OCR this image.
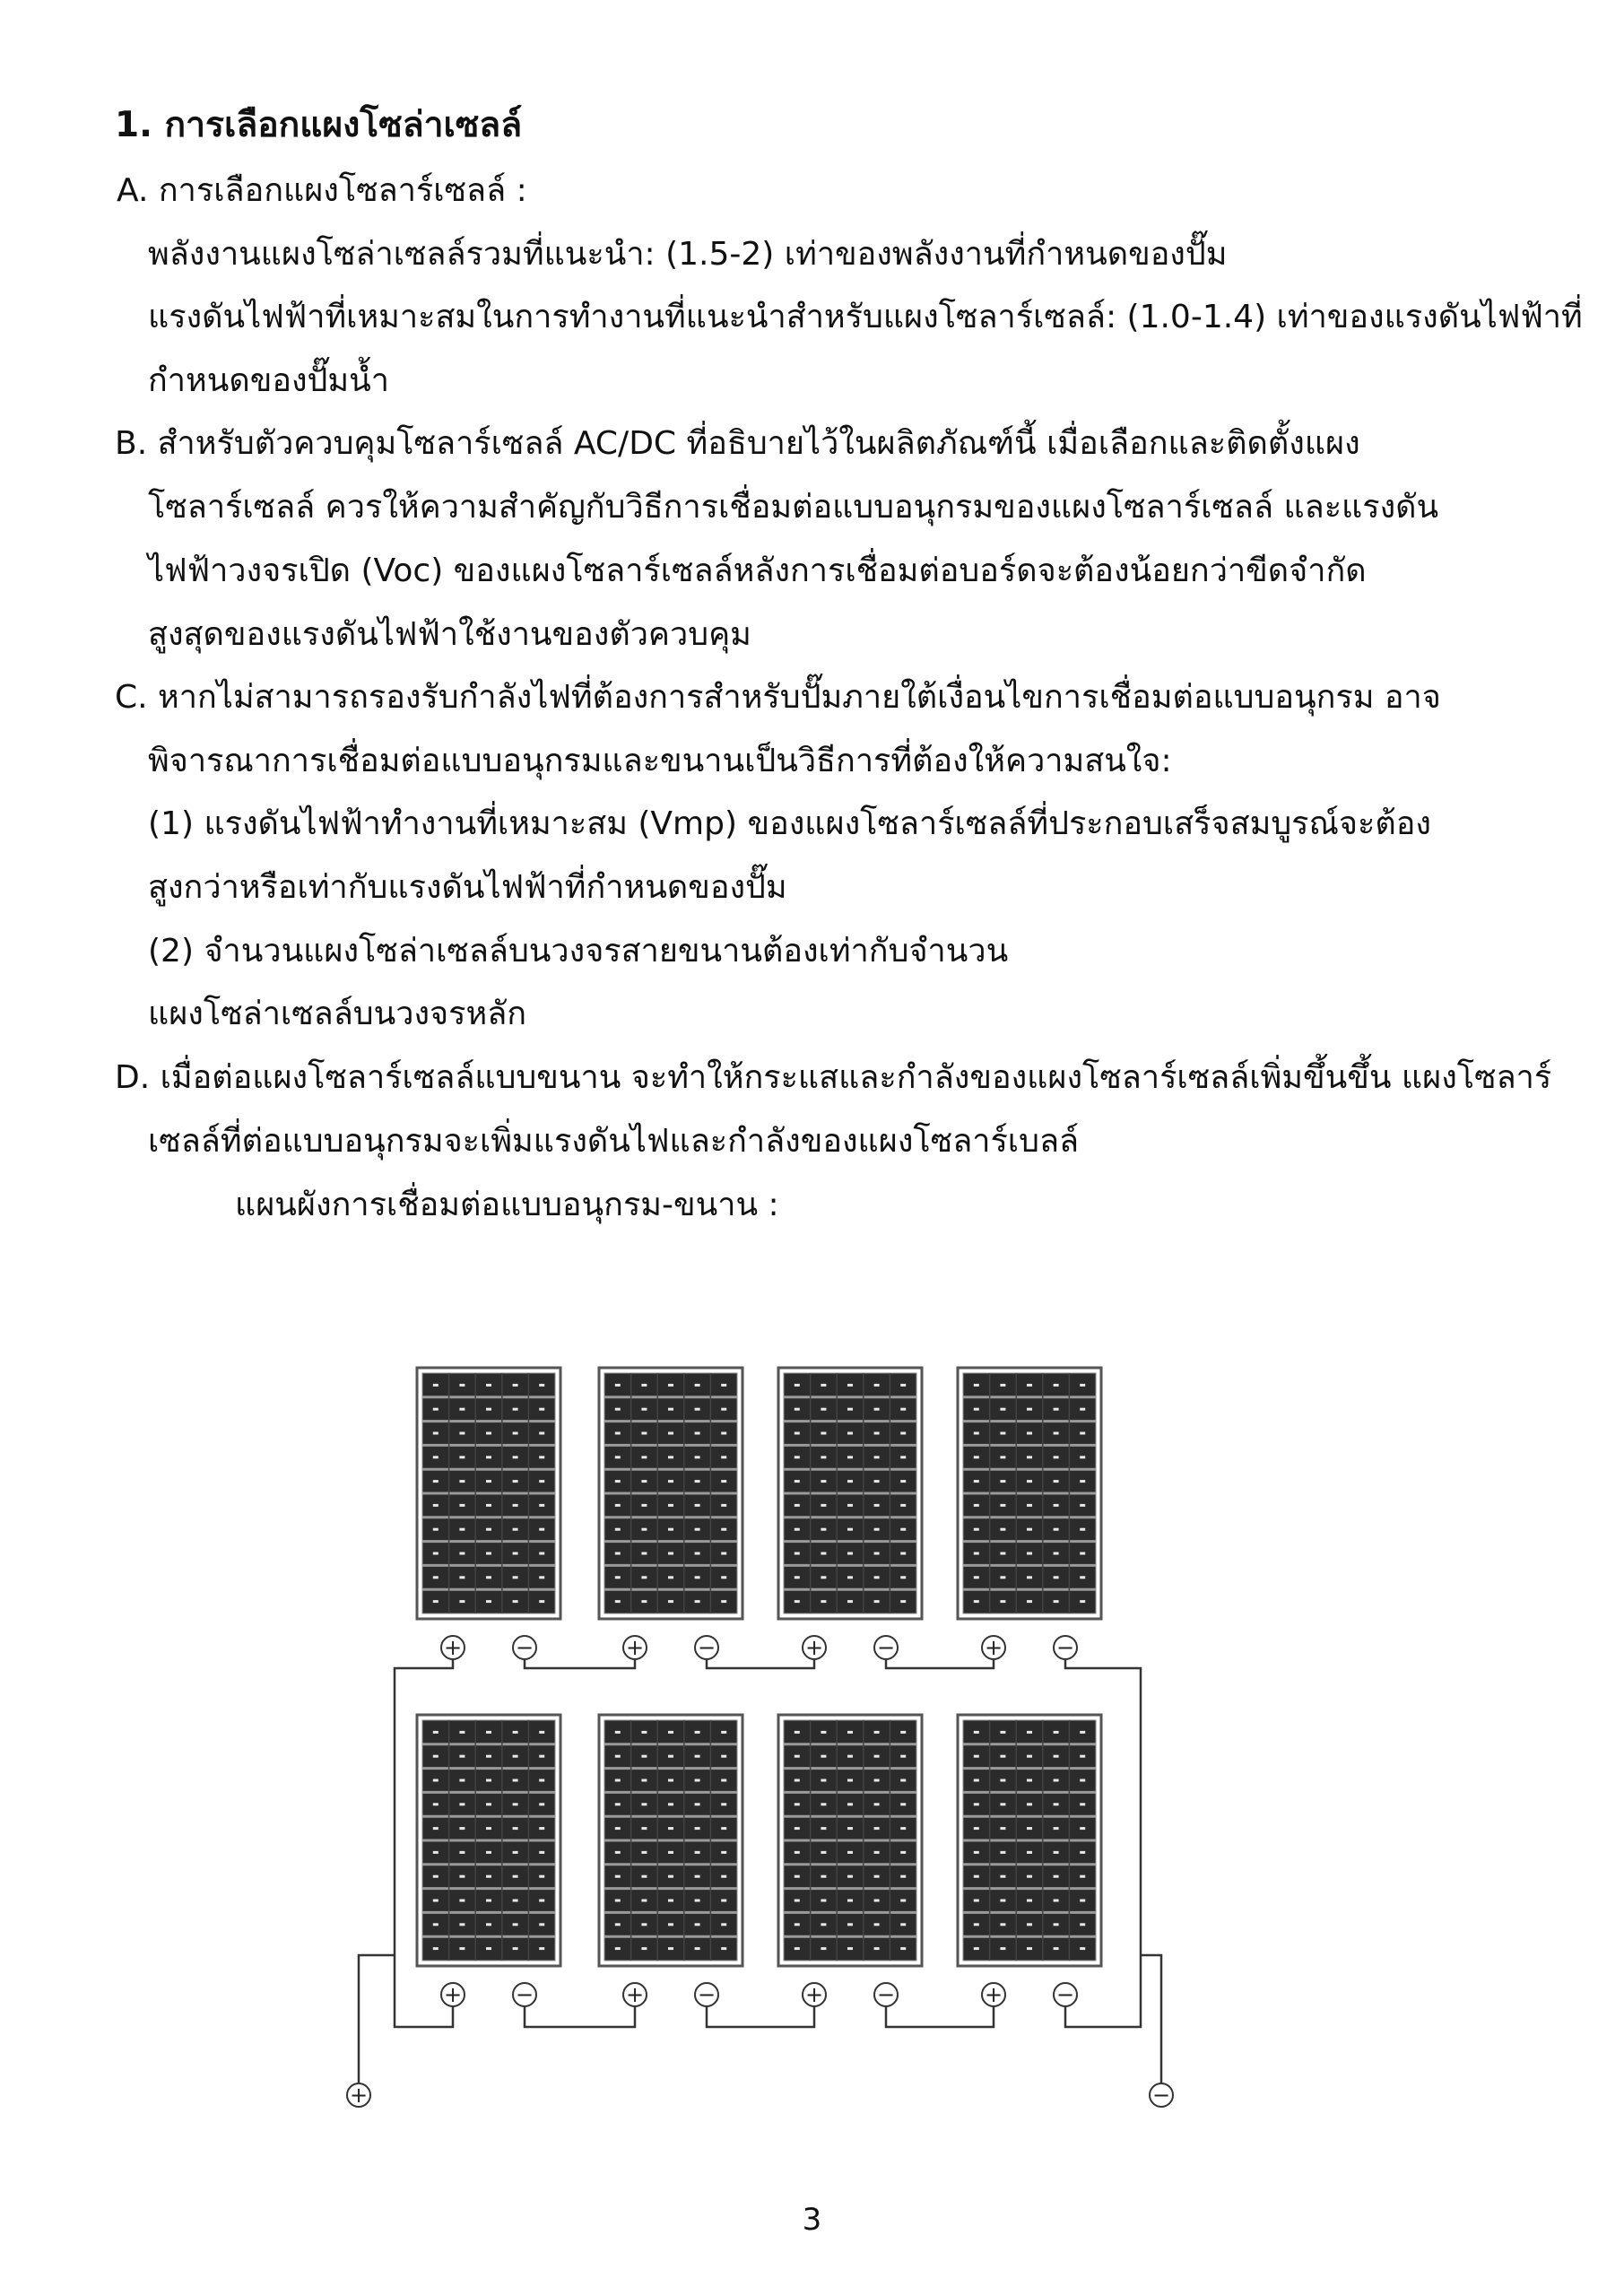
1. การเลือกแผงโซล่าเซลล์
A. การเลือกแผงโซลาร์เซลล์ :
พลังงานแผงโซล่าเซลล์รวมที่แนะนำ: (1.5-2) เท่าของพลังงานที่กำหนดของปั๊ม
แรงดันไฟฟ้าที่เหมาะสมในการทำงานที่แนะนำสำหรับแผงโซลาร์เซลล์: (1.0-1.4) เท่าของแรงดันไฟฟ้าที่
กำหนดของปั๊มน้ำ
B. สำหรับตัวควบคุมโซลาร์เซลล์ AC/DC ที่อธิบายไว้ในผลิตภัณฑ์นี้ เมื่อเลือกและติดตั้งแผง
โซลาร์เซลล์ ควรให้ความสำคัญกับวิธีการเชื่อมต่อแบบอนุกรมของแผงโซลาร์เซลล์ และแรงดัน
ไฟฟ้าวงจรเปิด (Voc) ของแผงโซลาร์เซลล์หลังการเชื่อมต่อบอร์ดจะต้องน้อยกว่าขีดจำกัด
สูงสุดของแรงดันไฟฟ้าใช้งานของตัวควบคุม
C. หากไม่สามารถรองรับกำลังไฟที่ต้องการสำหรับปั๊มภายใต้เงื่อนไขการเชื่อมต่อแบบอนุกรม อาจ
พิจารณาการเชื่อมต่อแบบอนุกรมและขนานเป็นวิธีการที่ต้องให้ความสนใจ:
(1) แรงดันไฟฟ้าทำงานที่เหมาะสม (Vmp) ของแผงโซลาร์เซลล์ที่ประกอบเสร็จสมบูรณ์จะต้อง
สูงกว่าหรือเท่ากับแรงดันไฟฟ้าที่กำหนดของปั๊ม
(2) จำนวนแผงโซล่าเซลล์บนวงจรสายขนานต้องเท่ากับจำนวน
แผงโซล่าเซลล์บนวงจรหลัก
D. เมื่อต่อแผงโซลาร์เซลล์แบบขนาน จะทำให้กระแสและกำลังของแผงโซลาร์เซลล์เพิ่มขึ้นขึ้น แผงโซลาร์
เซลล์ที่ต่อแบบอนุกรมจะเพิ่มแรงดันไฟและกำลังของแผงโซลาร์เบลล์
แผนผังการเชื่อมต่อแบบอนุกรม-ขนาน :
+ −	+ −	+ −	+ −
+ −	+ −	+ −	+ −
+	−
3
